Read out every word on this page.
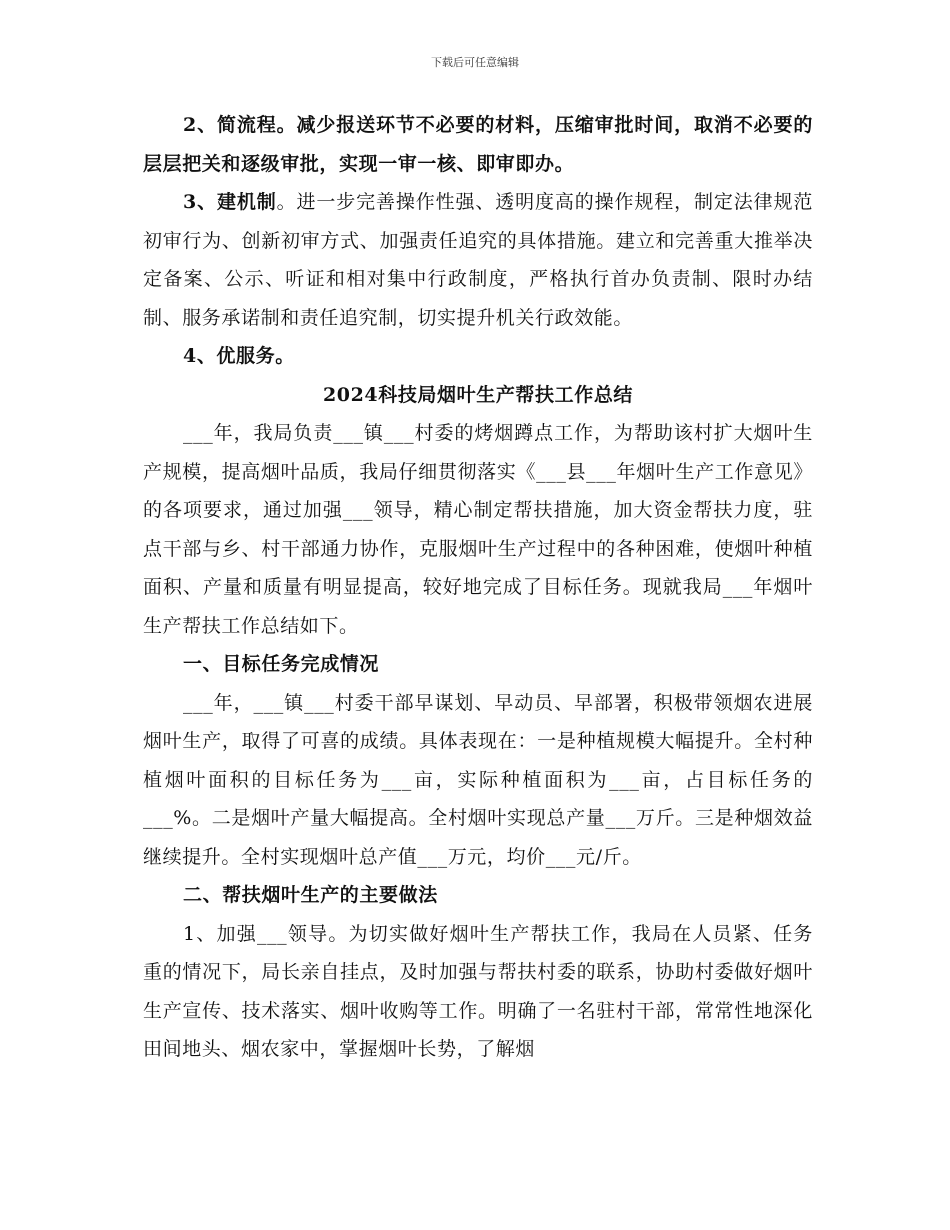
下载后可任意编辑

2、简流程。减少报送环节不必要的材料，压缩审批时间，取消不必要的层层把关和逐级审批，实现一审一核、即审即办。

3、建机制。进一步完善操作性强、透明度高的操作规程，制定法律规范初审行为、创新初审方式、加强责任追究的具体措施。建立和完善重大推举决定备案、公示、听证和相对集中行政制度，严格执行首办负责制、限时办结制、服务承诺制和责任追究制，切实提升机关行政效能。

4、优服务。

2024科技局烟叶生产帮扶工作总结

___年，我局负责___镇___村委的烤烟蹲点工作，为帮助该村扩大烟叶生产规模，提高烟叶品质，我局仔细贯彻落实《___县___年烟叶生产工作意见》的各项要求，通过加强___领导，精心制定帮扶措施，加大资金帮扶力度，驻点干部与乡、村干部通力协作，克服烟叶生产过程中的各种困难，使烟叶种植面积、产量和质量有明显提高，较好地完成了目标任务。现就我局___年烟叶生产帮扶工作总结如下。

一、目标任务完成情况

___年，___镇___村委干部早谋划、早动员、早部署，积极带领烟农进展烟叶生产，取得了可喜的成绩。具体表现在：一是种植规模大幅提升。全村种植烟叶面积的目标任务为___亩，实际种植面积为___亩，占目标任务的___%。二是烟叶产量大幅提高。全村烟叶实现总产量___万斤。三是种烟效益继续提升。全村实现烟叶总产值___万元，均价___元/斤。

二、帮扶烟叶生产的主要做法

1、加强___领导。为切实做好烟叶生产帮扶工作，我局在人员紧、任务重的情况下，局长亲自挂点，及时加强与帮扶村委的联系，协助村委做好烟叶生产宣传、技术落实、烟叶收购等工作。明确了一名驻村干部，常常性地深化田间地头、烟农家中，掌握烟叶长势，了解烟
